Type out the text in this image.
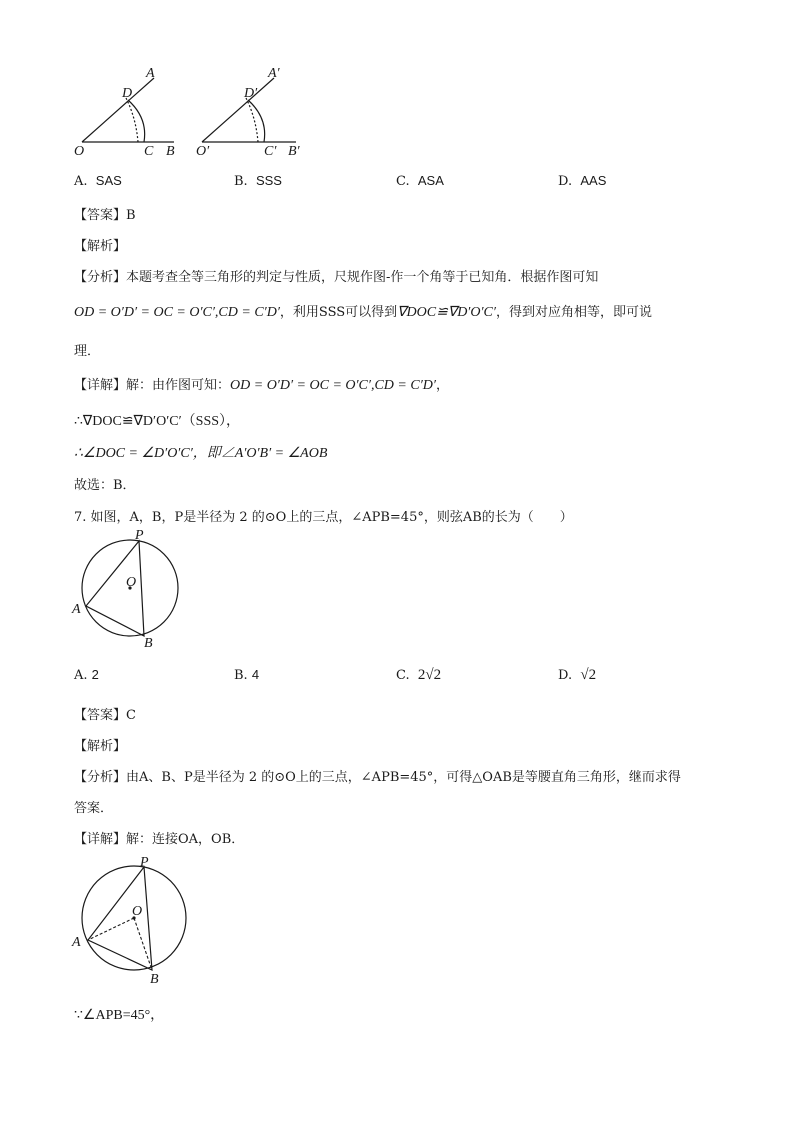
A
D
O	C B
A′
D′
O′	C′ B′
A. SAS	B. SSS	C. ASA	D. AAS
【答案】B
【解析】
【分析】本题考查全等三角形的判定与性质，尺规作图-作一个角等于已知角．根据作图可知
OD = O′D′ = OC = O′C′,CD = C′D′，利用SSS可以得到∇DOC≌∇D′O′C′，得到对应角相等，即可说
理．
【详解】解：由作图可知：OD = O′D′ = OC = O′C′,CD = C′D′，
∴∇DOC≌∇D′O′C′（SSS），
∴∠DOC = ∠D′O′C′，即∠A′O′B′ = ∠AOB
故选：B．
7. 如图，A，B，P是半径为 2 的⊙O上的三点，∠APB=45°，则弦AB的长为（　　）
P
O
A
B
A. 2	B. 4	C. 2√2	D. √2
【答案】C
【解析】
【分析】由A、B、P是半径为 2 的⊙O上的三点，∠APB=45°，可得△OAB是等腰直角三角形，继而求得
答案．
【详解】解：连接OA，OB．
P
O
A
B
∵∠APB=45°，
